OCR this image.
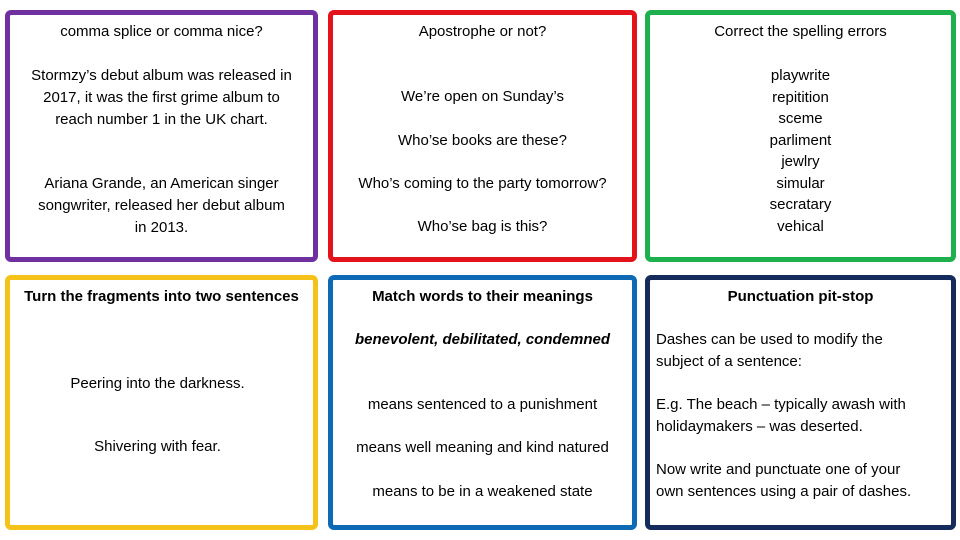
comma splice or comma nice?
Stormzy’s debut album was released in
2017, it was the first grime album to
reach number 1 in the UK chart.
Ariana Grande, an American singer
songwriter, released her debut album
in 2013.
Apostrophe or not?
We’re open on Sunday’s
Who’se books are these?
Who’s coming to the party tomorrow?
Who’se bag is this?
Correct the spelling errors
playwrite
repitition
sceme
parliment
jewlry
simular
secratary
vehical
Turn the fragments into two sentences
Peering into the darkness.
Shivering with fear.
Match words to their meanings
benevolent, debilitated, condemned
means sentenced to a punishment
means well meaning and kind natured
means to be in a weakened state
Punctuation pit-stop
Dashes can be used to modify the
subject of a sentence:
E.g. The beach – typically awash with
holidaymakers – was deserted.
Now write and punctuate one of your
own sentences using a pair of dashes.
